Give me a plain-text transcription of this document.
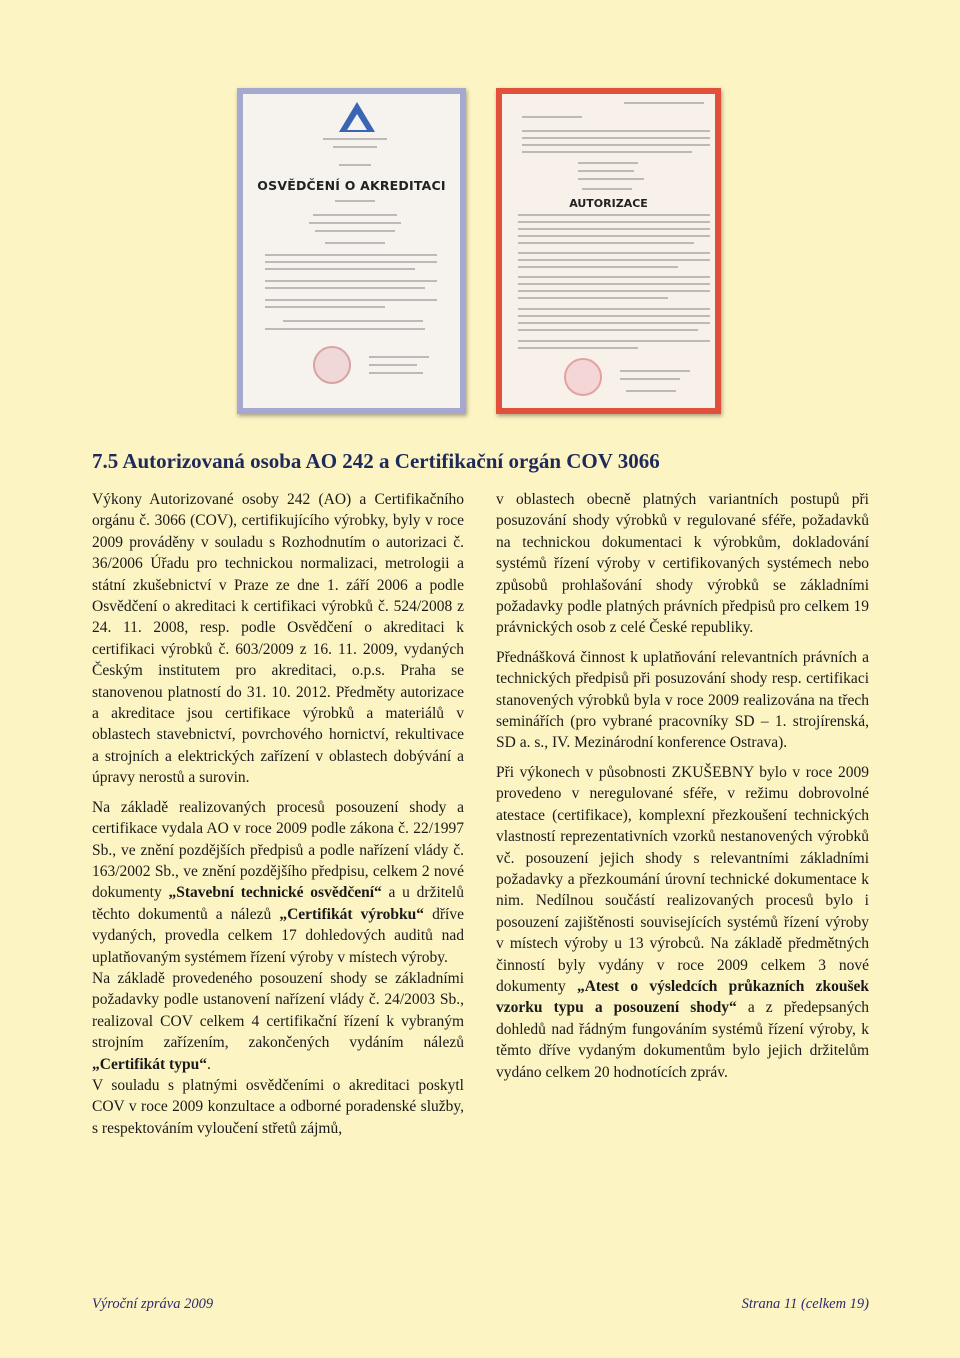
OSVĚDČENÍ O AKREDITACI
AUTORIZACE
7.5 Autorizovaná osoba AO 242 a Certifikační orgán COV 3066

Výkony Autorizované osoby 242 (AO) a Certifikačního orgánu č. 3066 (COV), certifikujícího výrobky, byly v roce 2009 prováděny v souladu s Rozhodnutím o autorizaci č. 36/2006 Úřadu pro technickou normalizaci, metrologii a státní zkušebnictví v Praze ze dne 1. září 2006 a podle Osvědčení o akreditaci k certifikaci výrobků č. 524/2008 z 24. 11. 2008, resp. podle Osvědčení o akreditaci k certifikaci výrobků č. 603/2009 z 16. 11. 2009, vydaných Českým institutem pro akreditaci, o.p.s. Praha se stanovenou platností do 31. 10. 2012. Předměty autorizace a akreditace jsou certifikace výrobků a materiálů v oblastech stavebnictví, povrchového hornictví, rekultivace a strojních a elektrických zařízení v oblastech dobývání a úpravy nerostů a surovin.

Na základě realizovaných procesů posouzení shody a certifikace vydala AO v roce 2009 podle zákona č. 22/1997 Sb., ve znění pozdějších předpisů a podle nařízení vlády č. 163/2002 Sb., ve znění pozdějšího předpisu, celkem 2 nové dokumenty „Stavební technické osvědčení“ a u držitelů těchto dokumentů a nálezů „Certifikát výrobku“ dříve vydaných, provedla celkem 17 dohledových auditů nad uplatňovaným systémem řízení výroby v místech výroby.

Na základě provedeného posouzení shody se základními požadavky podle ustanovení nařízení vlády č. 24/2003 Sb., realizoval COV celkem 4 certifikační řízení k vybraným strojním zařízením, zakončených vydáním nálezů „Certifikát typu“.

V souladu s platnými osvědčeními o akreditaci poskytl COV v roce 2009 konzultace a odborné poradenské služby, s respektováním vyloučení střetů zájmů,

v oblastech obecně platných variantních postupů při posuzování shody výrobků v regulované sféře, požadavků na technickou dokumentaci k výrobkům, dokladování systémů řízení výroby v certifikovaných systémech nebo způsobů prohlašování shody výrobků se základními požadavky podle platných právních předpisů pro celkem 19 právnických osob z celé České republiky.

Přednášková činnost k uplatňování relevantních právních a technických předpisů při posuzování shody resp. certifikaci stanovených výrobků byla v roce 2009 realizována na třech seminářích (pro vybrané pracovníky SD – 1. strojírenská, SD a. s., IV. Mezinárodní konference Ostrava).

Při výkonech v působnosti ZKUŠEBNY bylo v roce 2009 provedeno v neregulované sféře, v režimu dobrovolné atestace (certifikace), komplexní přezkoušení technických vlastností reprezentativních vzorků nestanovených výrobků vč. posouzení jejich shody s relevantními základními požadavky a přezkoumání úrovní technické dokumentace k nim. Nedílnou součástí realizovaných procesů bylo i posouzení zajištěnosti souvisejících systémů řízení výroby v místech výroby u 13 výrobců. Na základě předmětných činností byly vydány v roce 2009 celkem 3 nové dokumenty „Atest o výsledcích průkazních zkoušek vzorku typu a posouzení shody“ a z předepsaných dohledů nad řádným fungováním systémů řízení výroby, k těmto dříve vydaným dokumentům bylo jejich držitelům vydáno celkem 20 hodnotících zpráv.

Výroční zpráva 2009	Strana 11 (celkem 19)
